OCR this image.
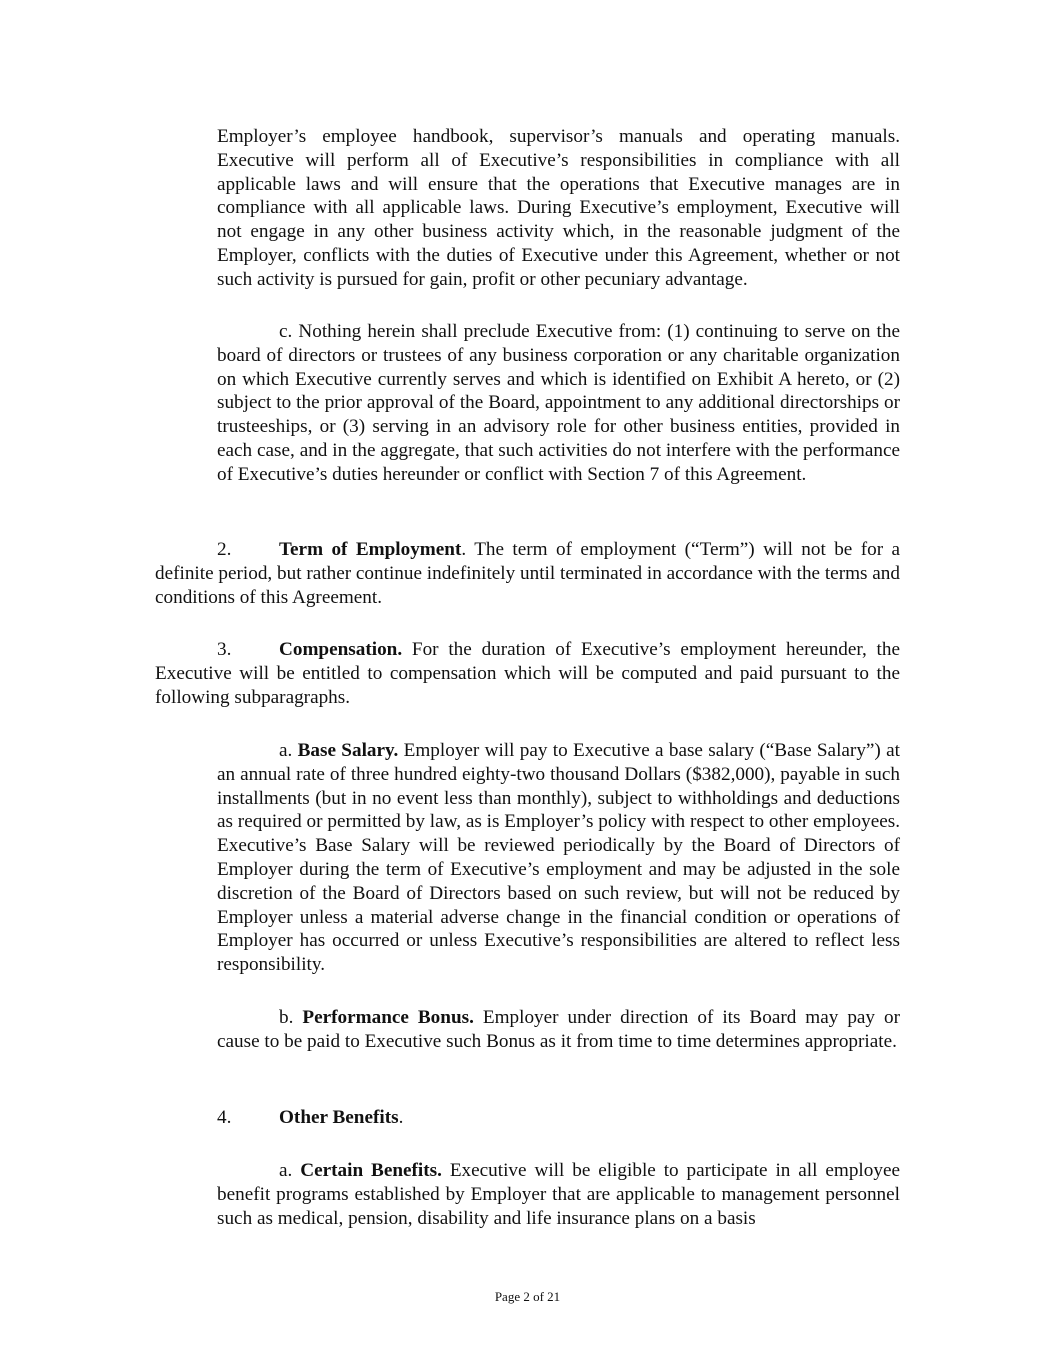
Employer’s employee handbook, supervisor’s manuals and operating manuals. Executive will perform all of Executive’s responsibilities in compliance with all applicable laws and will ensure that the operations that Executive manages are in compliance with all applicable laws. During Executive’s employment, Executive will not engage in any other business activity which, in the reasonable judgment of the Employer, conflicts with the duties of Executive under this Agreement, whether or not such activity is pursued for gain, profit or other pecuniary advantage.

c. Nothing herein shall preclude Executive from: (1) continuing to serve on the board of directors or trustees of any business corporation or any charitable organization on which Executive currently serves and which is identified on Exhibit A hereto, or (2) subject to the prior approval of the Board, appointment to any additional directorships or trusteeships, or (3) serving in an advisory role for other business entities, provided in each case, and in the aggregate, that such activities do not interfere with the performance of Executive’s duties hereunder or conflict with Section 7 of this Agreement.

2. Term of Employment. The term of employment (“Term”) will not be for a definite period, but rather continue indefinitely until terminated in accordance with the terms and conditions of this Agreement.

3. Compensation. For the duration of Executive’s employment hereunder, the Executive will be entitled to compensation which will be computed and paid pursuant to the following subparagraphs.

a. Base Salary. Employer will pay to Executive a base salary (“Base Salary”) at an annual rate of three hundred eighty-two thousand Dollars ($382,000), payable in such installments (but in no event less than monthly), subject to withholdings and deductions as required or permitted by law, as is Employer’s policy with respect to other employees. Executive’s Base Salary will be reviewed periodically by the Board of Directors of Employer during the term of Executive’s employment and may be adjusted in the sole discretion of the Board of Directors based on such review, but will not be reduced by Employer unless a material adverse change in the financial condition or operations of Employer has occurred or unless Executive’s responsibilities are altered to reflect less responsibility.

b. Performance Bonus. Employer under direction of its Board may pay or cause to be paid to Executive such Bonus as it from time to time determines appropriate.

4. Other Benefits.

a. Certain Benefits. Executive will be eligible to participate in all employee benefit programs established by Employer that are applicable to management personnel such as medical, pension, disability and life insurance plans on a basis

Page 2 of 21
